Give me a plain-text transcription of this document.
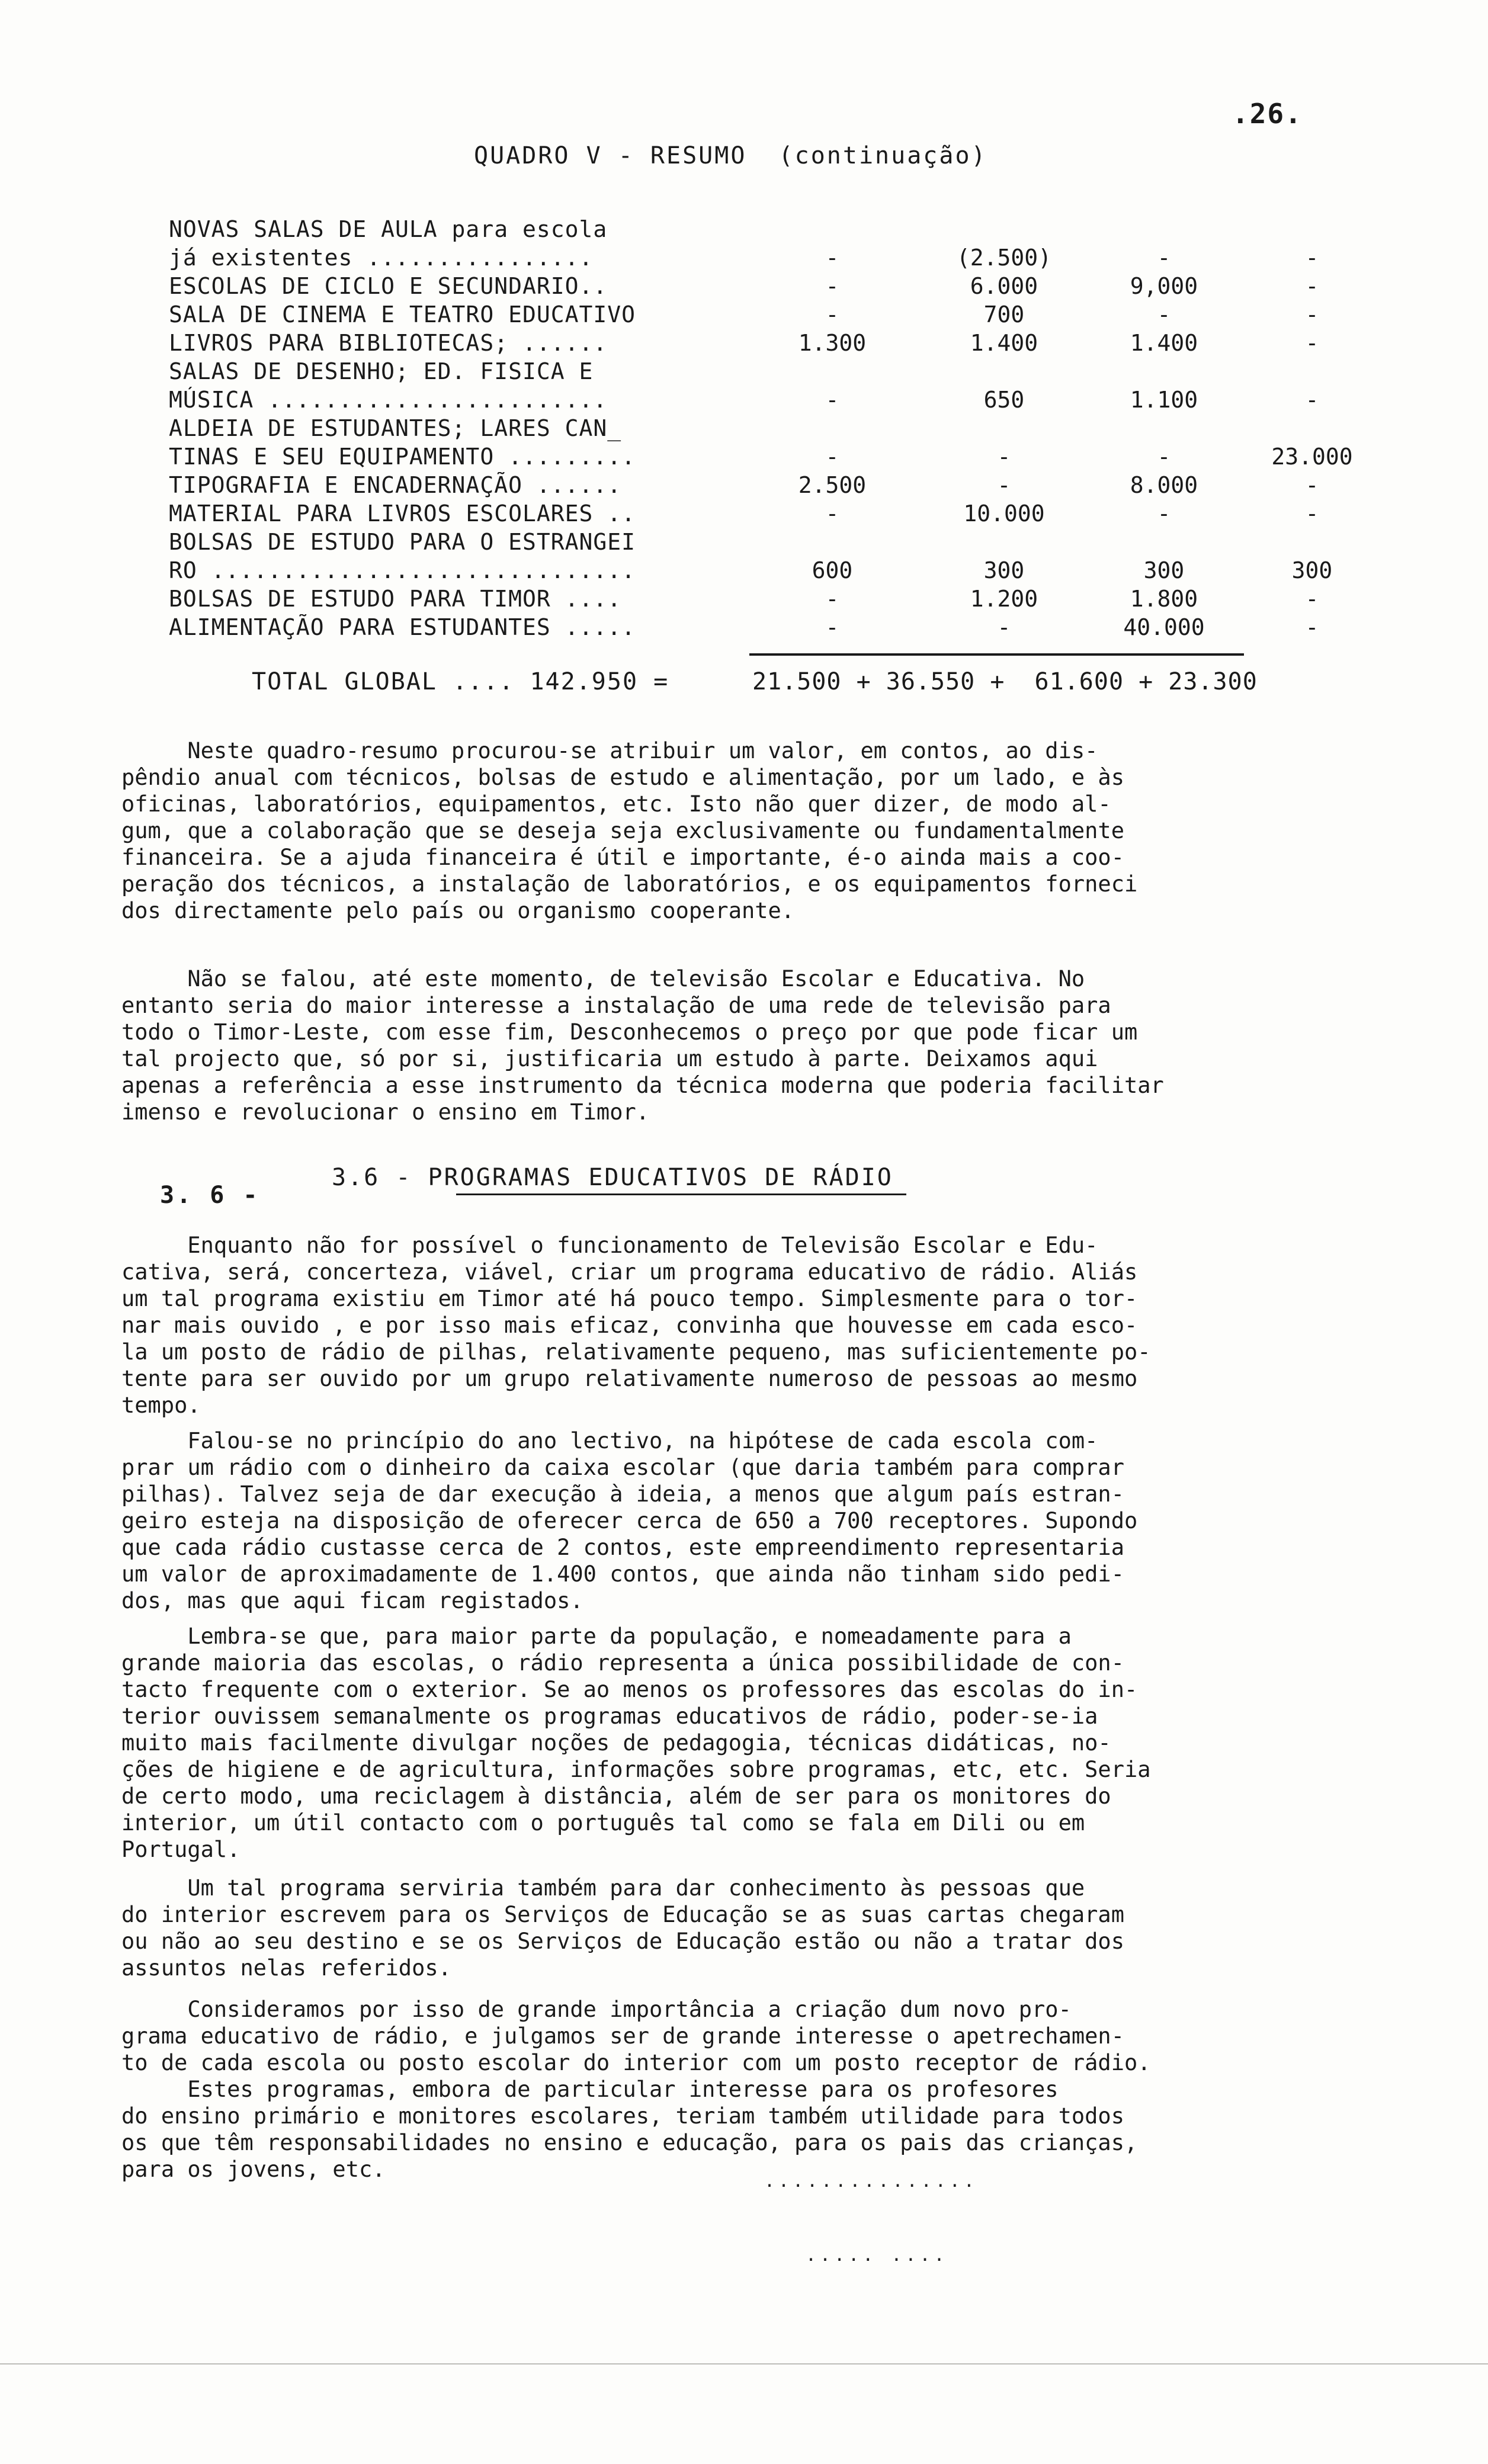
.26.
QUADRO V - RESUMO  (continuação)
NOVAS SALAS DE AULA para escola
já existentes ................	-	(2.500)	-	-
ESCOLAS DE CICLO E SECUNDARIO..	-	6.000	9,000	-
SALA DE CINEMA E TEATRO EDUCATIVO	-	700	-	-
LIVROS PARA BIBLIOTECAS; ......	1.300	1.400	1.400	-
SALAS DE DESENHO; ED. FISICA E
MÚSICA ........................	-	650	1.100	-
ALDEIA DE ESTUDANTES; LARES CAN_
TINAS E SEU EQUIPAMENTO .........	-	-	-	23.000
TIPOGRAFIA E ENCADERNAÇÃO ......	2.500	-	8.000	-
MATERIAL PARA LIVROS ESCOLARES ..	-	10.000	-	-
BOLSAS DE ESTUDO PARA O ESTRANGEI
RO ..............................	600	300	300	300
BOLSAS DE ESTUDO PARA TIMOR ....	-	1.200	1.800	-
ALIMENTAÇÃO PARA ESTUDANTES .....	-	-	40.000	-

TOTAL GLOBAL .... 142.950 =

	21.500 + 36.550 +  61.600 + 23.300

Neste quadro-resumo procurou-se atribuir um valor, em contos, ao dis-
pêndio anual com técnicos, bolsas de estudo e alimentação, por um lado, e às
oficinas, laboratórios, equipamentos, etc. Isto não quer dizer, de modo al-
gum, que a colaboração que se deseja seja exclusivamente ou fundamentalmente
financeira. Se a ajuda financeira é útil e importante, é-o ainda mais a coo-
peração dos técnicos, a instalação de laboratórios, e os equipamentos forneci
dos directamente pelo país ou organismo cooperante.
Não se falou, até este momento, de televisão Escolar e Educativa. No
entanto seria do maior interesse a instalação de uma rede de televisão para
todo o Timor-Leste, com esse fim, Desconhecemos o preço por que pode ficar um
tal projecto que, só por si, justificaria um estudo à parte. Deixamos aqui
apenas a referência a esse instrumento da técnica moderna que poderia facilitar
imenso e revolucionar o ensino em Timor.
3. 6 -
3.6 - PROGRAMAS EDUCATIVOS DE RÁDIO
Enquanto não for possível o funcionamento de Televisão Escolar e Edu-
cativa, será, concerteza, viável, criar um programa educativo de rádio. Aliás
um tal programa existiu em Timor até há pouco tempo. Simplesmente para o tor-
nar mais ouvido , e por isso mais eficaz, convinha que houvesse em cada esco-
la um posto de rádio de pilhas, relativamente pequeno, mas suficientemente po-
tente para ser ouvido por um grupo relativamente numeroso de pessoas ao mesmo
tempo.
Falou-se no princípio do ano lectivo, na hipótese de cada escola com-
prar um rádio com o dinheiro da caixa escolar (que daria também para comprar
pilhas). Talvez seja de dar execução à ideia, a menos que algum país estran-
geiro esteja na disposição de oferecer cerca de 650 a 700 receptores. Supondo
que cada rádio custasse cerca de 2 contos, este empreendimento representaria
um valor de aproximadamente de 1.400 contos, que ainda não tinham sido pedi-
dos, mas que aqui ficam registados.
Lembra-se que, para maior parte da população, e nomeadamente para a
grande maioria das escolas, o rádio representa a única possibilidade de con-
tacto frequente com o exterior. Se ao menos os professores das escolas do in-
terior ouvissem semanalmente os programas educativos de rádio, poder-se-ia
muito mais facilmente divulgar noções de pedagogia, técnicas didáticas, no-
ções de higiene e de agricultura, informações sobre programas, etc, etc. Seria
de certo modo, uma reciclagem à distância, além de ser para os monitores do
interior, um útil contacto com o português tal como se fala em Dili ou em
Portugal.
Um tal programa serviria também para dar conhecimento às pessoas que
do interior escrevem para os Serviços de Educação se as suas cartas chegaram
ou não ao seu destino e se os Serviços de Educação estão ou não a tratar dos
assuntos nelas referidos.
Consideramos por isso de grande importância a criação dum novo pro-
grama educativo de rádio, e julgamos ser de grande interesse o apetrechamen-
to de cada escola ou posto escolar do interior com um posto receptor de rádio.
Estes programas, embora de particular interesse para os profesores
do ensino primário e monitores escolares, teriam também utilidade para todos
os que têm responsabilidades no ensino e educação, para os pais das crianças,
para os jovens, etc.	...............
..... ....
